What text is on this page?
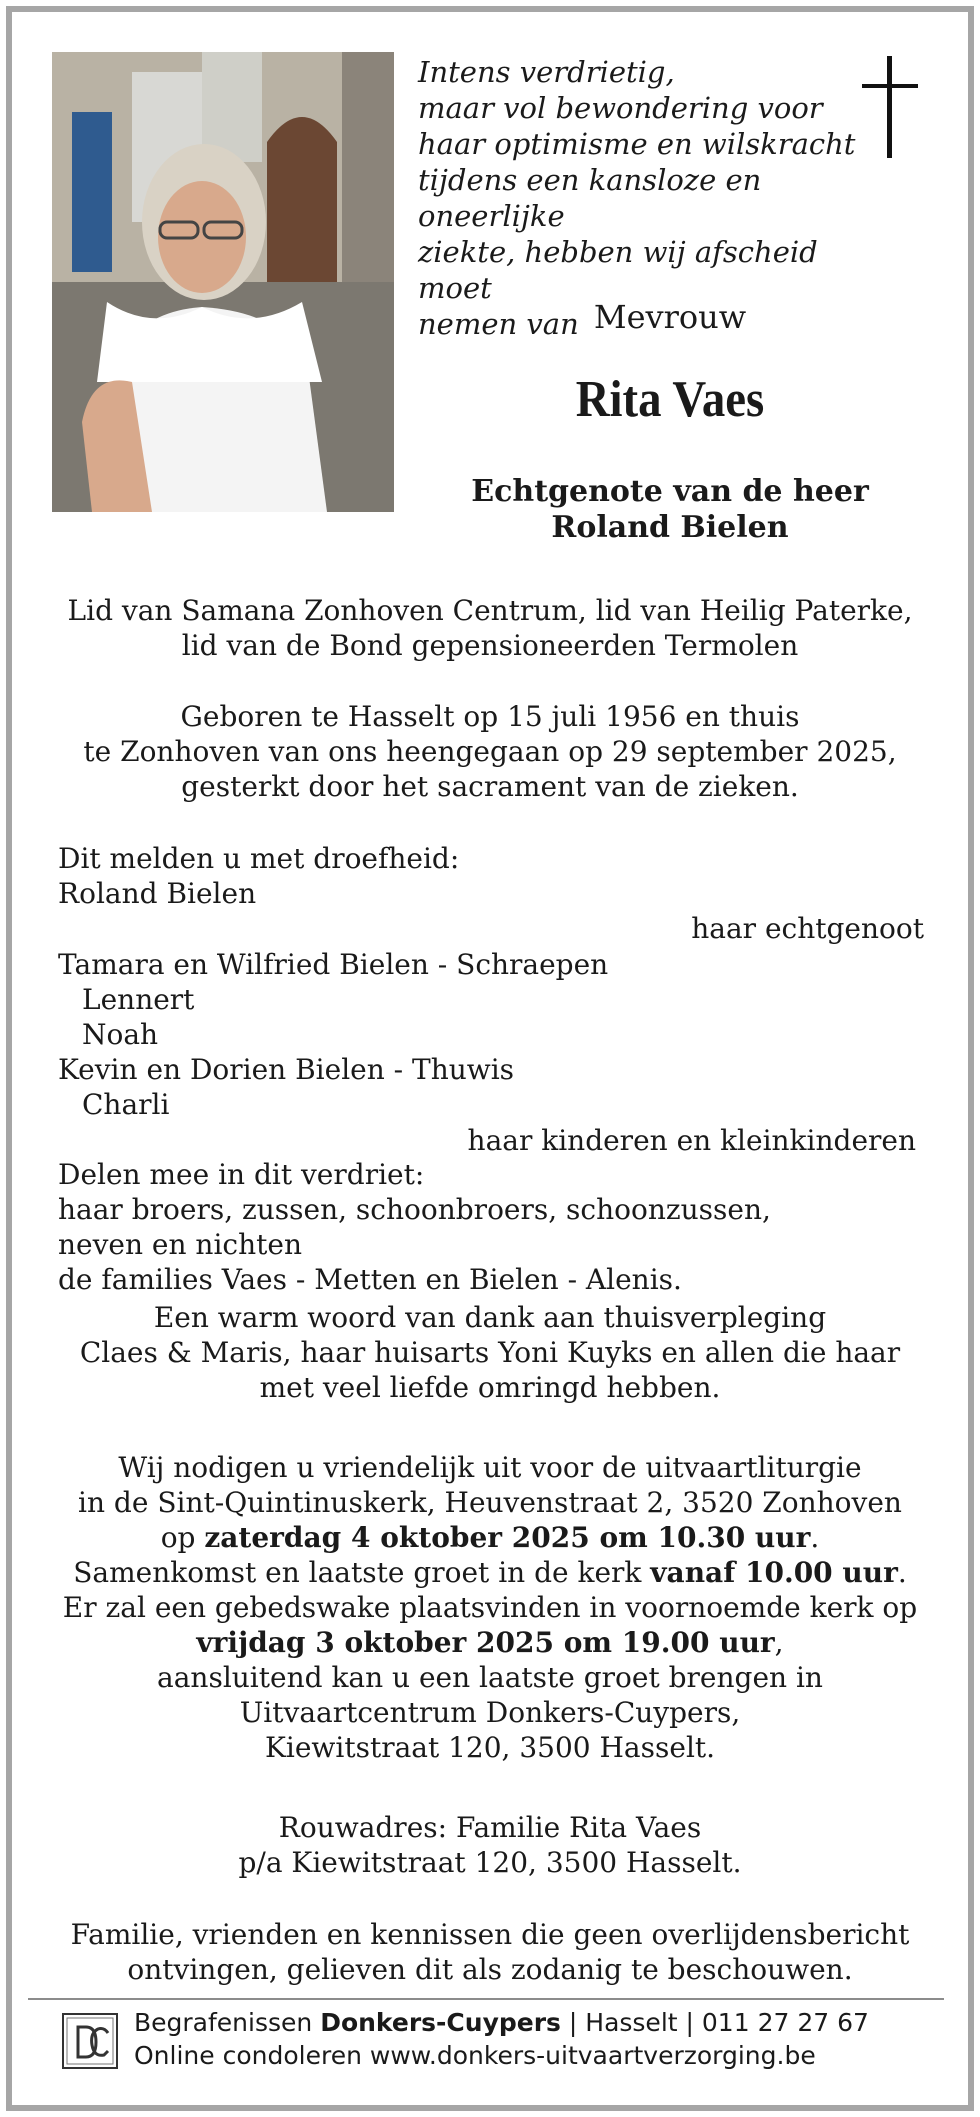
Intens verdrietig,
maar vol bewondering voor
haar optimisme en wilskracht
tijdens een kansloze en oneerlijke
ziekte, hebben wij afscheid moet
nemen van Mevrouw
Rita Vaes
Echtgenote van de heer
Roland Bielen
Lid van Samana Zonhoven Centrum, lid van Heilig Paterke,
lid van de Bond gepensioneerden Termolen
Geboren te Hasselt op 15 juli 1956 en thuis
te Zonhoven van ons heengegaan op 29 september 2025,
gesterkt door het sacrament van de zieken.
Dit melden u met droefheid:
Roland Bielen
haar echtgenoot
Tamara en Wilfried Bielen - Schraepen
Lennert
Noah
Kevin en Dorien Bielen - Thuwis
Charli
haar kinderen en kleinkinderen
Delen mee in dit verdriet:
haar broers, zussen, schoonbroers, schoonzussen,
neven en nichten
de families Vaes - Metten en Bielen - Alenis.
Een warm woord van dank aan thuisverpleging
Claes & Maris, haar huisarts Yoni Kuyks en allen die haar
met veel liefde omringd hebben.
Wij nodigen u vriendelijk uit voor de uitvaartliturgie
in de Sint-Quintinuskerk, Heuvenstraat 2, 3520 Zonhoven
op zaterdag 4 oktober 2025 om 10.30 uur.
Samenkomst en laatste groet in de kerk vanaf 10.00 uur.
Er zal een gebedswake plaatsvinden in voornoemde kerk op
vrijdag 3 oktober 2025 om 19.00 uur,
aansluitend kan u een laatste groet brengen in
Uitvaartcentrum Donkers-Cuypers,
Kiewitstraat 120, 3500 Hasselt.
Rouwadres: Familie Rita Vaes
p/a Kiewitstraat 120, 3500 Hasselt.
Familie, vrienden en kennissen die geen overlijdensbericht
ontvingen, gelieven dit als zodanig te beschouwen.
Begrafenissen Donkers-Cuypers | Hasselt | 011 27 27 67
Online condoleren www.donkers-uitvaartverzorging.be
